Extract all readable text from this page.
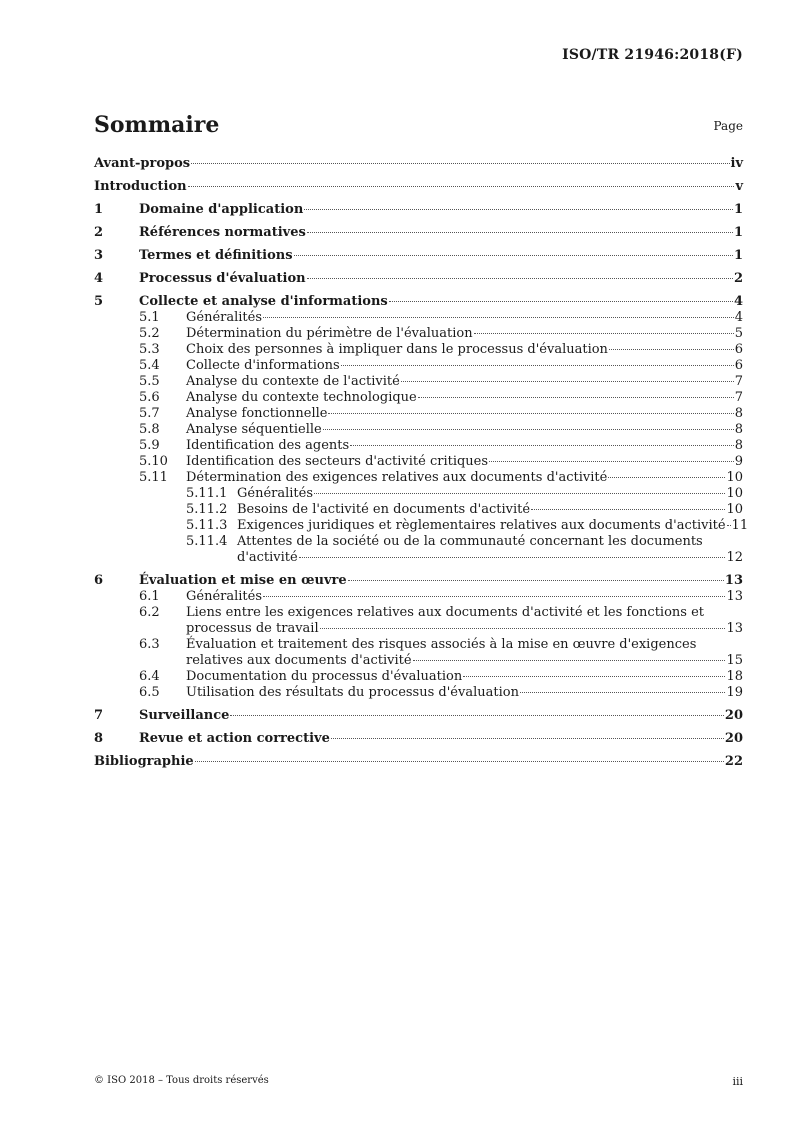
ISO/TR 21946:2018(F)
Sommaire	Page
Avant-propos	iv
Introduction	v
1	Domaine d'application	1
2	Références normatives	1
3	Termes et définitions	1
4	Processus d'évaluation	2
5	Collecte et analyse d'informations	4
5.1	Généralités	4
5.2	Détermination du périmètre de l'évaluation	5
5.3	Choix des personnes à impliquer dans le processus d'évaluation	6
5.4	Collecte d'informations	6
5.5	Analyse du contexte de l'activité	7
5.6	Analyse du contexte technologique	7
5.7	Analyse fonctionnelle	8
5.8	Analyse séquentielle	8
5.9	Identification des agents	8
5.10	Identification des secteurs d'activité critiques	9
5.11	Détermination des exigences relatives aux documents d'activité	10
5.11.1 Généralités	10
5.11.2 Besoins de l'activité en documents d'activité	10
5.11.3 Exigences juridiques et règlementaires relatives aux documents d'activité 11
5.11.4 Attentes de la société ou de la communauté concernant les documents
d'activité	12
6	Évaluation et mise en œuvre	13
6.1	Généralités	13
6.2	Liens entre les exigences relatives aux documents d'activité et les fonctions et
processus de travail	13
6.3	Évaluation et traitement des risques associés à la mise en œuvre d'exigences
relatives aux documents d'activité	15
6.4	Documentation du processus d'évaluation	18
6.5	Utilisation des résultats du processus d'évaluation	19
7	Surveillance	20
8	Revue et action corrective	20
Bibliographie	22
© ISO 2018 – Tous droits réservés	iii
